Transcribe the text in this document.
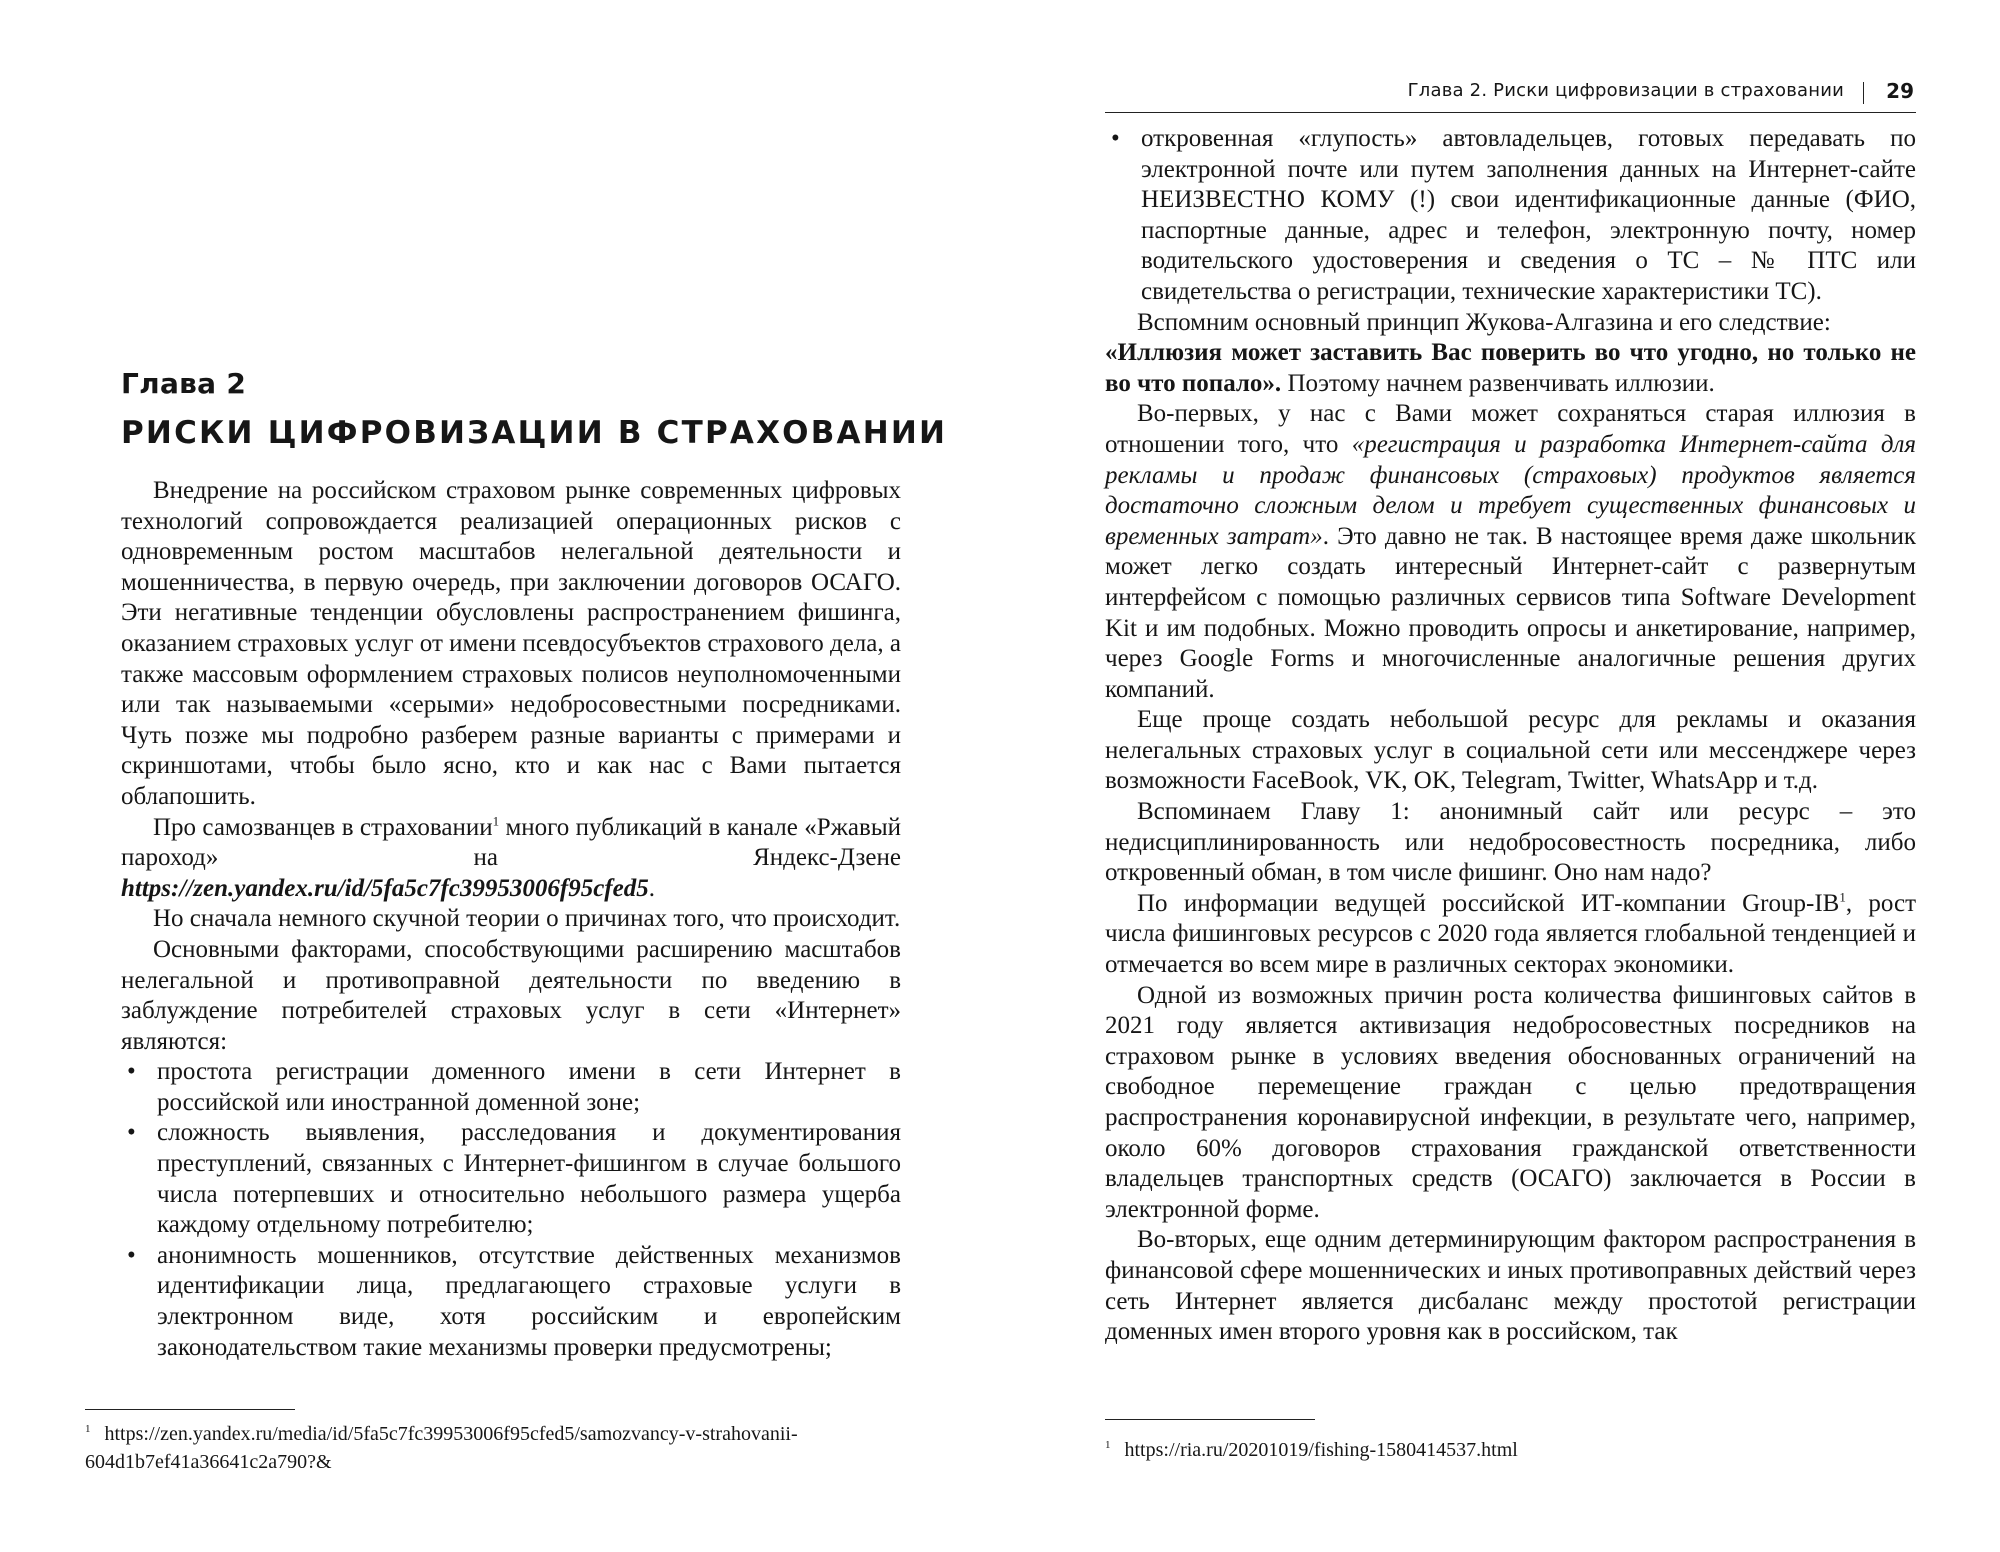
Глава 2
РИСКИ ЦИФРОВИЗАЦИИ В СТРАХОВАНИИ

Внедрение на российском страховом рынке современных цифровых технологий сопровождается реализацией операционных рисков с одновременным ростом масштабов нелегальной деятельности и мошенничества, в первую очередь, при заключении договоров ОСАГО. Эти негативные тенденции обусловлены распространением фишинга, оказанием страховых услуг от имени псевдосубъектов страхового дела, а также массовым оформлением страховых полисов неуполномоченными или так называемыми «серыми» недобросовестными посредниками. Чуть позже мы подробно разберем разные варианты с примерами и скриншотами, чтобы было ясно, кто и как нас с Вами пытается облапошить.

Про самозванцев в страховании$^1$ много публикаций в канале «Ржавый пароход» на Яндекс-Дзене https://zen.yandex.ru/id/5fa5c7fc39953006f95cfed5.

Но сначала немного скучной теории о причинах того, что происходит.

Основными факторами, способствующими расширению масштабов нелегальной и противоправной деятельности по введению в заблуждение потребителей страховых услуг в сети «Интернет» являются:

• простота регистрации доменного имени в сети Интернет в российской или иностранной доменной зоне;
• сложность выявления, расследования и документирования преступлений, связанных с Интернет-фишингом в случае большого числа потерпевших и относительно небольшого размера ущерба каждому отдельному потребителю;
• анонимность мошенников, отсутствие действенных механизмов идентификации лица, предлагающего страховые услуги в электронном виде, хотя российским и европейским законодательством такие механизмы проверки предусмотрены;

$^1$ https://zen.yandex.ru/media/id/5fa5c7fc39953006f95cfed5/samozvancy-v-strahovanii-604d1b7ef41a36641c2a790?&

Глава 2. Риски цифровизации в страховании 29
• откровенная «глупость» автовладельцев, готовых передавать по электронной почте или путем заполнения данных на Интернет-сайте НЕИЗВЕСТНО КОМУ (!) свои идентификационные данные (ФИО, паспортные данные, адрес и телефон, электронную почту, номер водительского удостоверения и сведения о ТС – № ПТС или свидетельства о регистрации, технические характеристики ТС).

Вспомним основный принцип Жукова-Алгазина и его следствие:

«Иллюзия может заставить Вас поверить во что угодно, но только не во что попало». Поэтому начнем развенчивать иллюзии.

Во-первых, у нас с Вами может сохраняться старая иллюзия в отношении того, что «регистрация и разработка Интернет-сайта для рекламы и продаж финансовых (страховых) продуктов является достаточно сложным делом и требует существенных финансовых и временных затрат». Это давно не так. В настоящее время даже школьник может легко создать интересный Интернет-сайт с развернутым интерфейсом с помощью различных сервисов типа Software Development Kit и им подобных. Можно проводить опросы и анкетирование, например, через Google Forms и многочисленные аналогичные решения других компаний.

Еще проще создать небольшой ресурс для рекламы и оказания нелегальных страховых услуг в социальной сети или мессенджере через возможности FaceBook, VK, OK, Telegram, Twitter, WhatsApp и т.д.

Вспоминаем Главу 1: анонимный сайт или ресурс – это недисциплинированность или недобросовестность посредника, либо откровенный обман, в том числе фишинг. Оно нам надо?

По информации ведущей российской ИТ-компании Group-$IB^1$, рост числа фишинговых ресурсов с 2020 года является глобальной тенденцией и отмечается во всем мире в различных секторах экономики.

Одной из возможных причин роста количества фишинговых сайтов в 2021 году является активизация недобросовестных посредников на страховом рынке в условиях введения обоснованных ограничений на свободное перемещение граждан с целью предотвращения распространения коронавирусной инфекции, в результате чего, например, около 60% договоров страхования гражданской ответственности владельцев транспортных средств (ОСАГО) заключается в России в электронной форме.

Во-вторых, еще одним детерминирующим фактором распространения в финансовой сфере мошеннических и иных противоправных действий через сеть Интернет является дисбаланс между простотой регистрации доменных имен второго уровня как в российском, так

$^1$ https://ria.ru/20201019/fishing-1580414537.html
